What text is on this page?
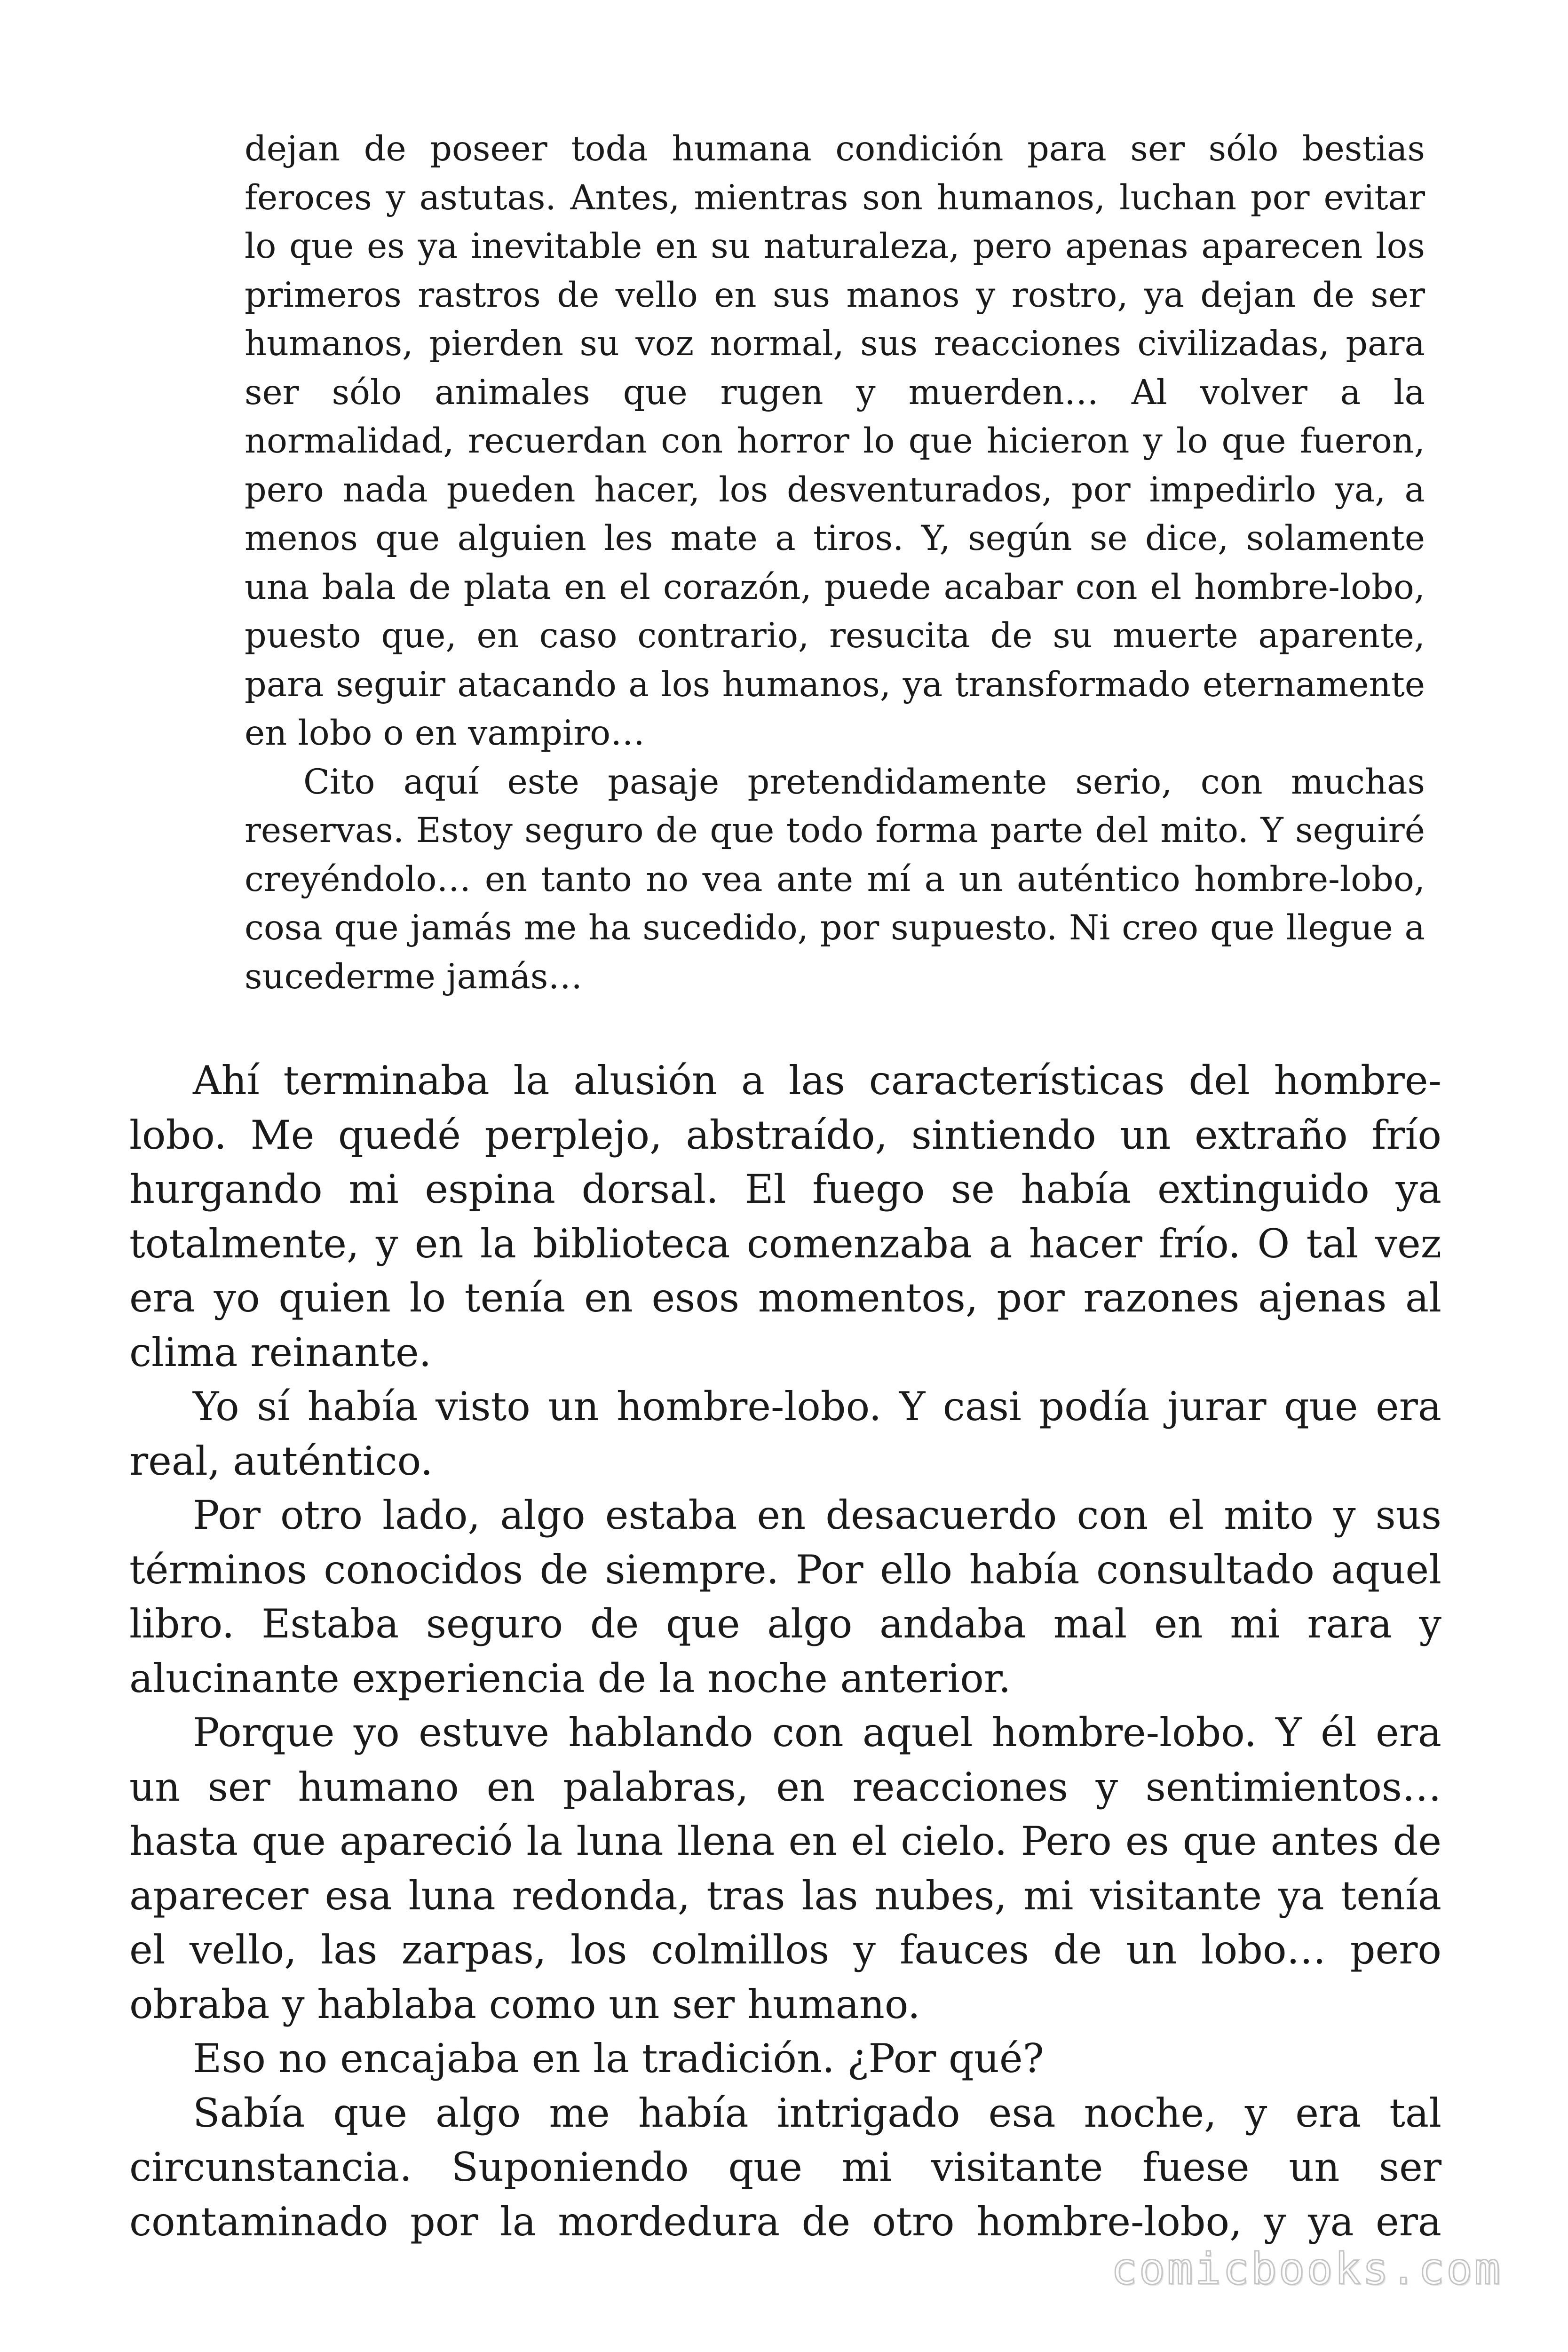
dejan de poseer toda humana condición para ser sólo bestias feroces y astutas. Antes, mientras son humanos, luchan por evitar lo que es ya inevitable en su naturaleza, pero apenas aparecen los primeros rastros de vello en sus manos y rostro, ya dejan de ser humanos, pierden su voz normal, sus reacciones civilizadas, para ser sólo animales que rugen y muerden… Al volver a la normalidad, recuerdan con horror lo que hicieron y lo que fueron, pero nada pueden hacer, los desventurados, por impedirlo ya, a menos que alguien les mate a tiros. Y, según se dice, solamente una bala de plata en el corazón, puede acabar con el hombre-lobo, puesto que, en caso contrario, resucita de su muerte aparente, para seguir atacando a los humanos, ya transformado eternamente en lobo o en vampiro…

Cito aquí este pasaje pretendidamente serio, con muchas reservas. Estoy seguro de que todo forma parte del mito. Y seguiré creyéndolo… en tanto no vea ante mí a un auténtico hombre-lobo, cosa que jamás me ha sucedido, por supuesto. Ni creo que llegue a sucederme jamás…

Ahí terminaba la alusión a las características del hombre-lobo. Me quedé perplejo, abstraído, sintiendo un extraño frío hurgando mi espina dorsal. El fuego se había extinguido ya totalmente, y en la biblioteca comenzaba a hacer frío. O tal vez era yo quien lo tenía en esos momentos, por razones ajenas al clima reinante.

Yo sí había visto un hombre-lobo. Y casi podía jurar que era real, auténtico.

Por otro lado, algo estaba en desacuerdo con el mito y sus términos conocidos de siempre. Por ello había consultado aquel libro. Estaba seguro de que algo andaba mal en mi rara y alucinante experiencia de la noche anterior.

Porque yo estuve hablando con aquel hombre-lobo. Y él era un ser humano en palabras, en reacciones y sentimientos… hasta que apareció la luna llena en el cielo. Pero es que antes de aparecer esa luna redonda, tras las nubes, mi visitante ya tenía el vello, las zarpas, los colmillos y fauces de un lobo… pero obraba y hablaba como un ser humano.

Eso no encajaba en la tradición. ¿Por qué?

Sabía que algo me había intrigado esa noche, y era tal circunstancia. Suponiendo que mi visitante fuese un ser contaminado por la mordedura de otro hombre-lobo, y ya era

comicbooks.com
